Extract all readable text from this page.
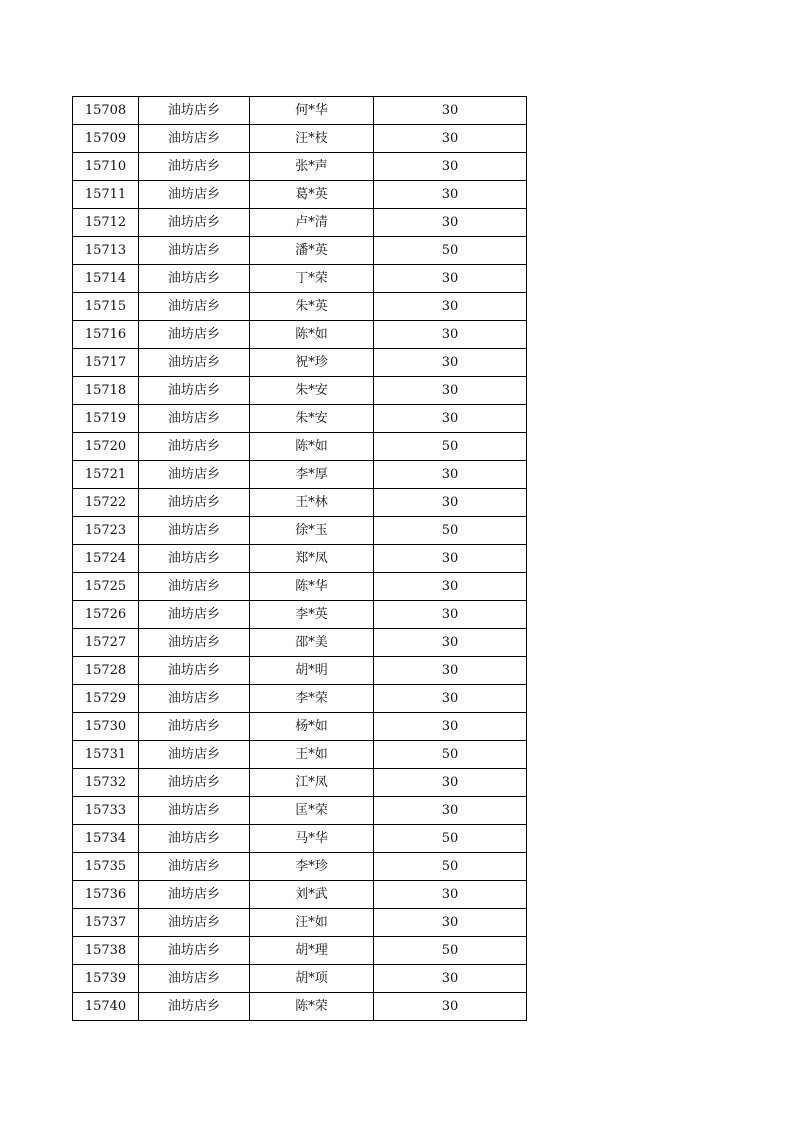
15708	油坊店乡	何*华	30
15709	油坊店乡	汪*枝	30
15710	油坊店乡	张*声	30
15711	油坊店乡	葛*英	30
15712	油坊店乡	卢*清	30
15713	油坊店乡	潘*英	50
15714	油坊店乡	丁*荣	30
15715	油坊店乡	朱*英	30
15716	油坊店乡	陈*如	30
15717	油坊店乡	祝*珍	30
15718	油坊店乡	朱*安	30
15719	油坊店乡	朱*安	30
15720	油坊店乡	陈*如	50
15721	油坊店乡	李*厚	30
15722	油坊店乡	王*林	30
15723	油坊店乡	徐*玉	50
15724	油坊店乡	郑*凤	30
15725	油坊店乡	陈*华	30
15726	油坊店乡	李*英	30
15727	油坊店乡	邵*美	30
15728	油坊店乡	胡*明	30
15729	油坊店乡	李*荣	30
15730	油坊店乡	杨*如	30
15731	油坊店乡	王*如	50
15732	油坊店乡	江*凤	30
15733	油坊店乡	匡*荣	30
15734	油坊店乡	马*华	50
15735	油坊店乡	李*珍	50
15736	油坊店乡	刘*武	30
15737	油坊店乡	汪*如	30
15738	油坊店乡	胡*理	50
15739	油坊店乡	胡*项	30
15740	油坊店乡	陈*荣	30
